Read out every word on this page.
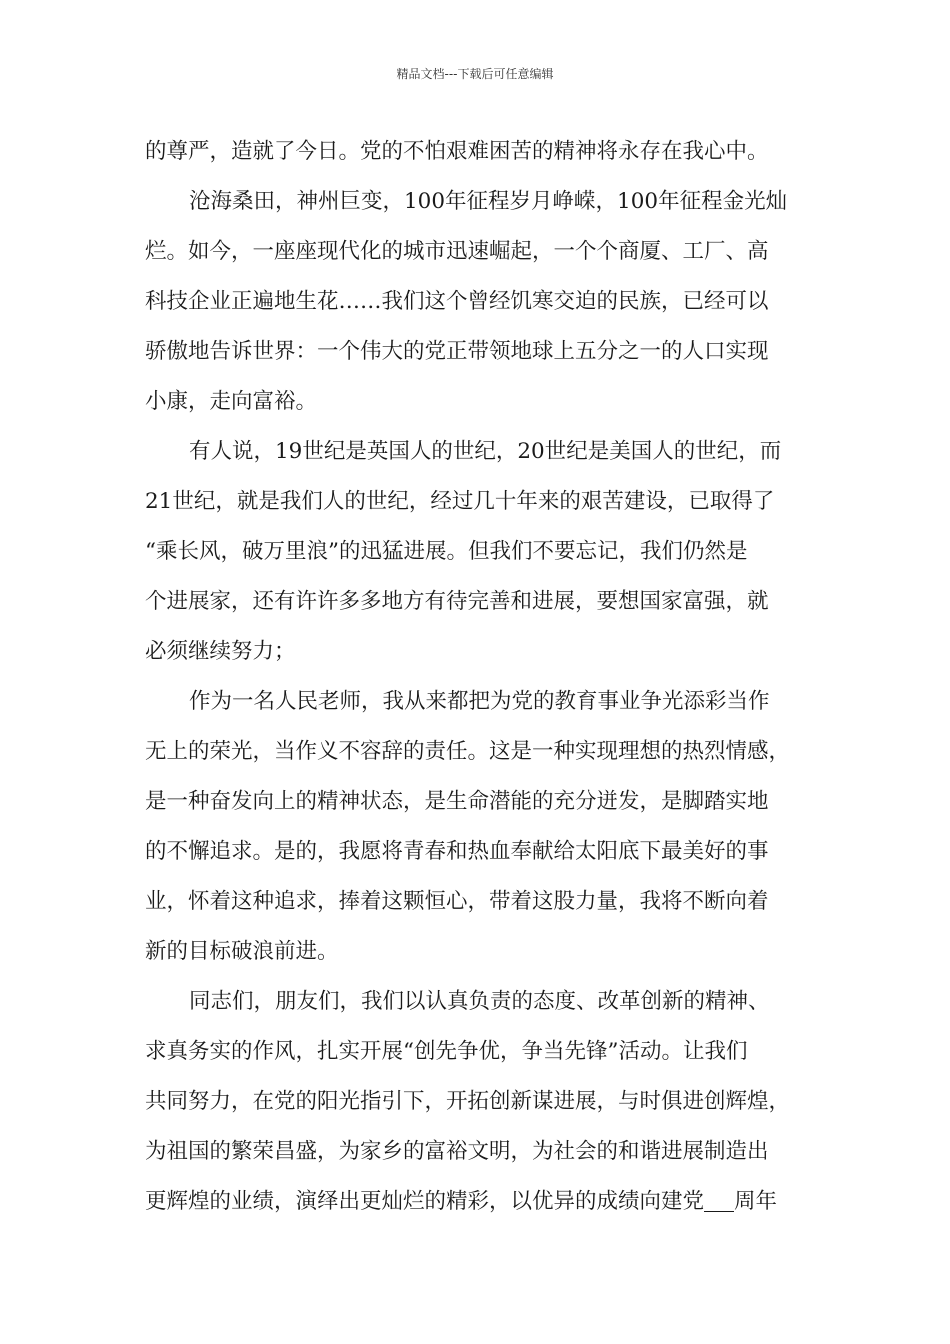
精品文档---下载后可任意编辑
的尊严，造就了今日。党的不怕艰难困苦的精神将永存在我心中。
沧海桑田，神州巨变，100年征程岁月峥嵘，100年征程金光灿
烂。如今，一座座现代化的城市迅速崛起，一个个商厦、工厂、高
科技企业正遍地生花……我们这个曾经饥寒交迫的民族，已经可以
骄傲地告诉世界：一个伟大的党正带领地球上五分之一的人口实现
小康，走向富裕。
有人说，19世纪是英国人的世纪，20世纪是美国人的世纪，而
21世纪，就是我们人的世纪，经过几十年来的艰苦建设，已取得了
“乘长风，破万里浪”的迅猛进展。但我们不要忘记，我们仍然是
个进展家，还有许许多多地方有待完善和进展，要想国家富强，就
必须继续努力；
作为一名人民老师，我从来都把为党的教育事业争光添彩当作
无上的荣光，当作义不容辞的责任。这是一种实现理想的热烈情感，
是一种奋发向上的精神状态，是生命潜能的充分迸发，是脚踏实地
的不懈追求。是的，我愿将青春和热血奉献给太阳底下最美好的事
业，怀着这种追求，捧着这颗恒心，带着这股力量，我将不断向着
新的目标破浪前进。
同志们，朋友们，我们以认真负责的态度、改革创新的精神、
求真务实的作风，扎实开展“创先争优，争当先锋”活动。让我们
共同努力，在党的阳光指引下，开拓创新谋进展，与时俱进创辉煌，
为祖国的繁荣昌盛，为家乡的富裕文明，为社会的和谐进展制造出
更辉煌的业绩，演绎出更灿烂的精彩，以优异的成绩向建党 周年
